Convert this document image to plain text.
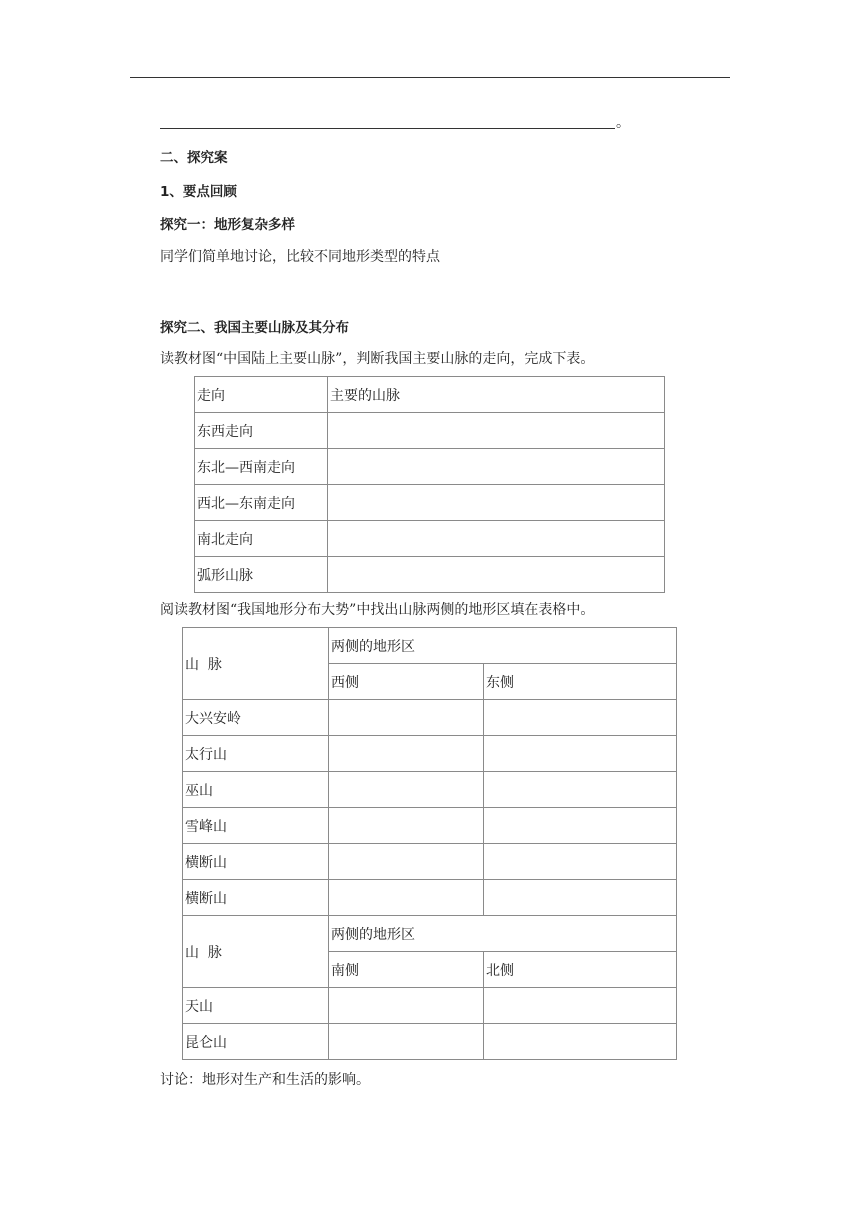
。
二、探究案
1、要点回顾
探究一：地形复杂多样
同学们简单地讨论，比较不同地形类型的特点
探究二、我国主要山脉及其分布
读教材图“中国陆上主要山脉”，判断我国主要山脉的走向，完成下表。
走向	主要的山脉
东西走向	
东北—西南走向	
西北—东南走向	
南北走向	
弧形山脉	
阅读教材图“我国地形分布大势”中找出山脉两侧的地形区填在表格中。
山  脉	两侧的地形区	
	西侧	东侧
大兴安岭		
太行山		
巫山		
雪峰山		
横断山		
横断山		
山  脉	两侧的地形区	
	南侧	北侧
天山		
昆仑山		
讨论：地形对生产和生活的影响。
